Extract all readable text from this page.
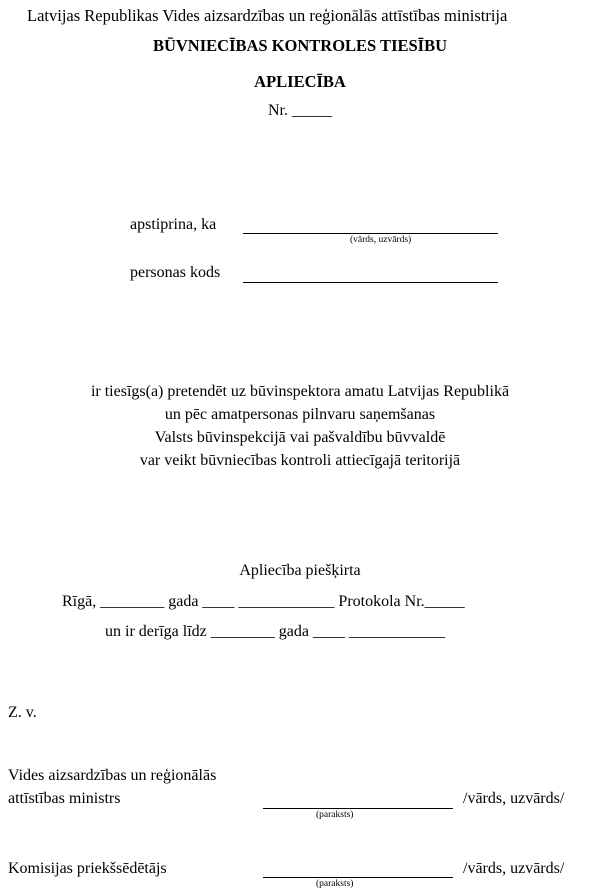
Latvijas Republikas Vides aizsardzības un reģionālās attīstības ministrija
BŪVNIECĪBAS KONTROLES TIESĪBU
APLIECĪBA
Nr. _____
apstiprina, ka
(vārds, uzvārds)
personas kods
ir tiesīgs(a) pretendēt uz būvinspektora amatu Latvijas Republikā
un pēc amatpersonas pilnvaru saņemšanas
Valsts būvinspekcijā vai pašvaldību būvvaldē
var veikt būvniecības kontroli attiecīgajā teritorijā
Apliecība piešķirta
Rīgā, ________ gada ____ ____________ Protokola Nr._____
un ir derīga līdz ________ gada ____ ____________
Z. v.
Vides aizsardzības un reģionālās
attīstības ministrs
(paraksts)
/vārds, uzvārds/
Komisijas priekšsēdētājs
(paraksts)
/vārds, uzvārds/
